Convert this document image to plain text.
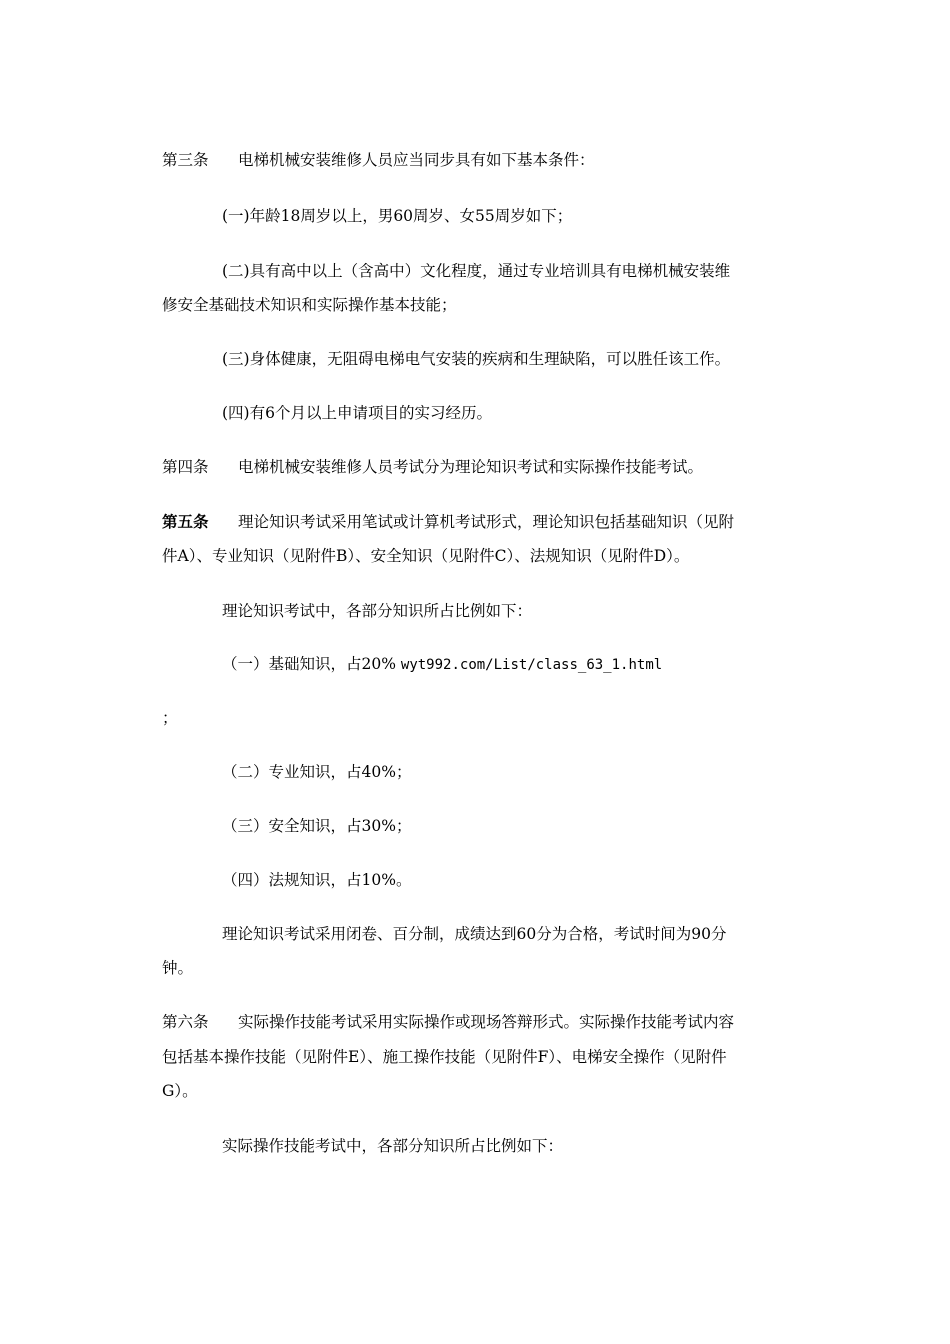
第三条 电梯机械安装维修人员应当同步具有如下基本条件：

(一)年龄18周岁以上，男60周岁、女55周岁如下；

(二)具有高中以上（含高中）文化程度，通过专业培训具有电梯机械安装维

修安全基础技术知识和实际操作基本技能；

(三)身体健康，无阻碍电梯电气安装的疾病和生理缺陷，可以胜任该工作。

(四)有6个月以上申请项目的实习经历。

第四条 电梯机械安装维修人员考试分为理论知识考试和实际操作技能考试。

第五条 理论知识考试采用笔试或计算机考试形式，理论知识包括基础知识（见附

件A）、专业知识（见附件B）、安全知识（见附件C）、法规知识（见附件D）。

理论知识考试中，各部分知识所占比例如下：

（一）基础知识，占20% wyt992.com/List/class_63_1.html

；

（二）专业知识，占40%；

（三）安全知识，占30%；

（四）法规知识，占10%。

理论知识考试采用闭卷、百分制，成绩达到60分为合格，考试时间为90分

钟。

第六条 实际操作技能考试采用实际操作或现场答辩形式。实际操作技能考试内容

包括基本操作技能（见附件E）、施工操作技能（见附件F）、电梯安全操作（见附件

G）。

实际操作技能考试中，各部分知识所占比例如下：
